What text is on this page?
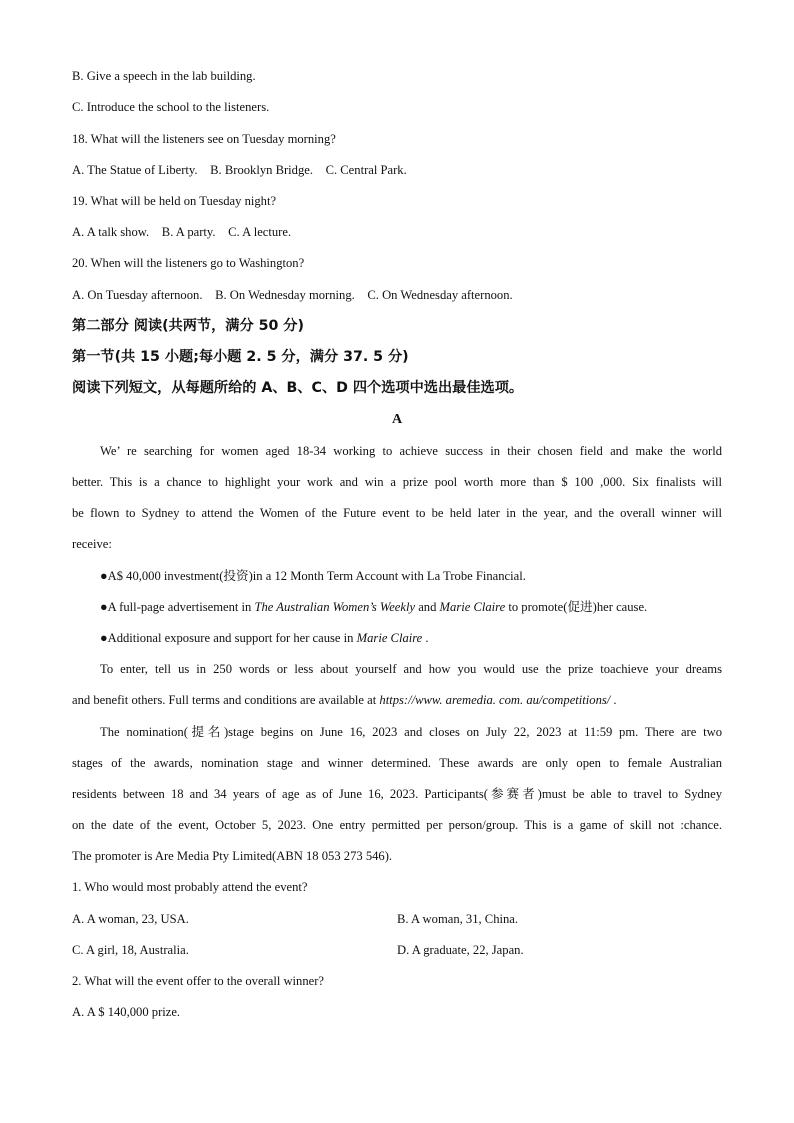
B. Give a speech in the lab building.
C. Introduce the school to the listeners.
18. What will the listeners see on Tuesday morning?
A. The Statue of Liberty.    B. Brooklyn Bridge.    C. Central Park.
19. What will be held on Tuesday night?
A. A talk show.    B. A party.    C. A lecture.
20. When will the listeners go to Washington?
A. On Tuesday afternoon.    B. On Wednesday morning.    C. On Wednesday afternoon.
第二部分 阅读(共两节，满分 50 分)
第一节(共 15 小题;每小题 2. 5 分，满分 37. 5 分)
阅读下列短文，从每题所给的 A、B、C、D 四个选项中选出最佳选项。
A
We’ re searching for women aged 18-34 working to achieve success in their chosen field and make the world
better. This is a chance to highlight your work and win a prize pool worth more than $ 100 ,000. Six finalists will
be flown to Sydney to attend the Women of the Future event to be held later in the year, and the overall winner will
receive:
●A$ 40,000 investment(投资)in a 12 Month Term Account with La Trobe Financial.
●A full-page advertisement in The Australian Women’s Weekly and Marie Claire to promote(促进)her cause.
●Additional exposure and support for her cause in Marie Claire .
To enter, tell us in 250 words or less about yourself and how you would use the prize toachieve your dreams
and benefit others. Full terms and conditions are available at https://www. aremedia. com. au/competitions/ .
The nomination(提名)stage begins on June 16, 2023 and closes on July 22, 2023 at 11:59 pm. There are two
stages of the awards, nomination stage and winner determined. These awards are only open to female Australian
residents between 18 and 34 years of age as of June 16, 2023. Participants(参赛者)must be able to travel to Sydney
on the date of the event, October 5, 2023. One entry permitted per person/group. This is a game of skill not :chance.
The promoter is Are Media Pty Limited(ABN 18 053 273 546).
1. Who would most probably attend the event?
A. A woman, 23, USA.	B. A woman, 31, China.
C. A girl, 18, Australia.	D. A graduate, 22, Japan.
2. What will the event offer to the overall winner?
A. A $ 140,000 prize.
